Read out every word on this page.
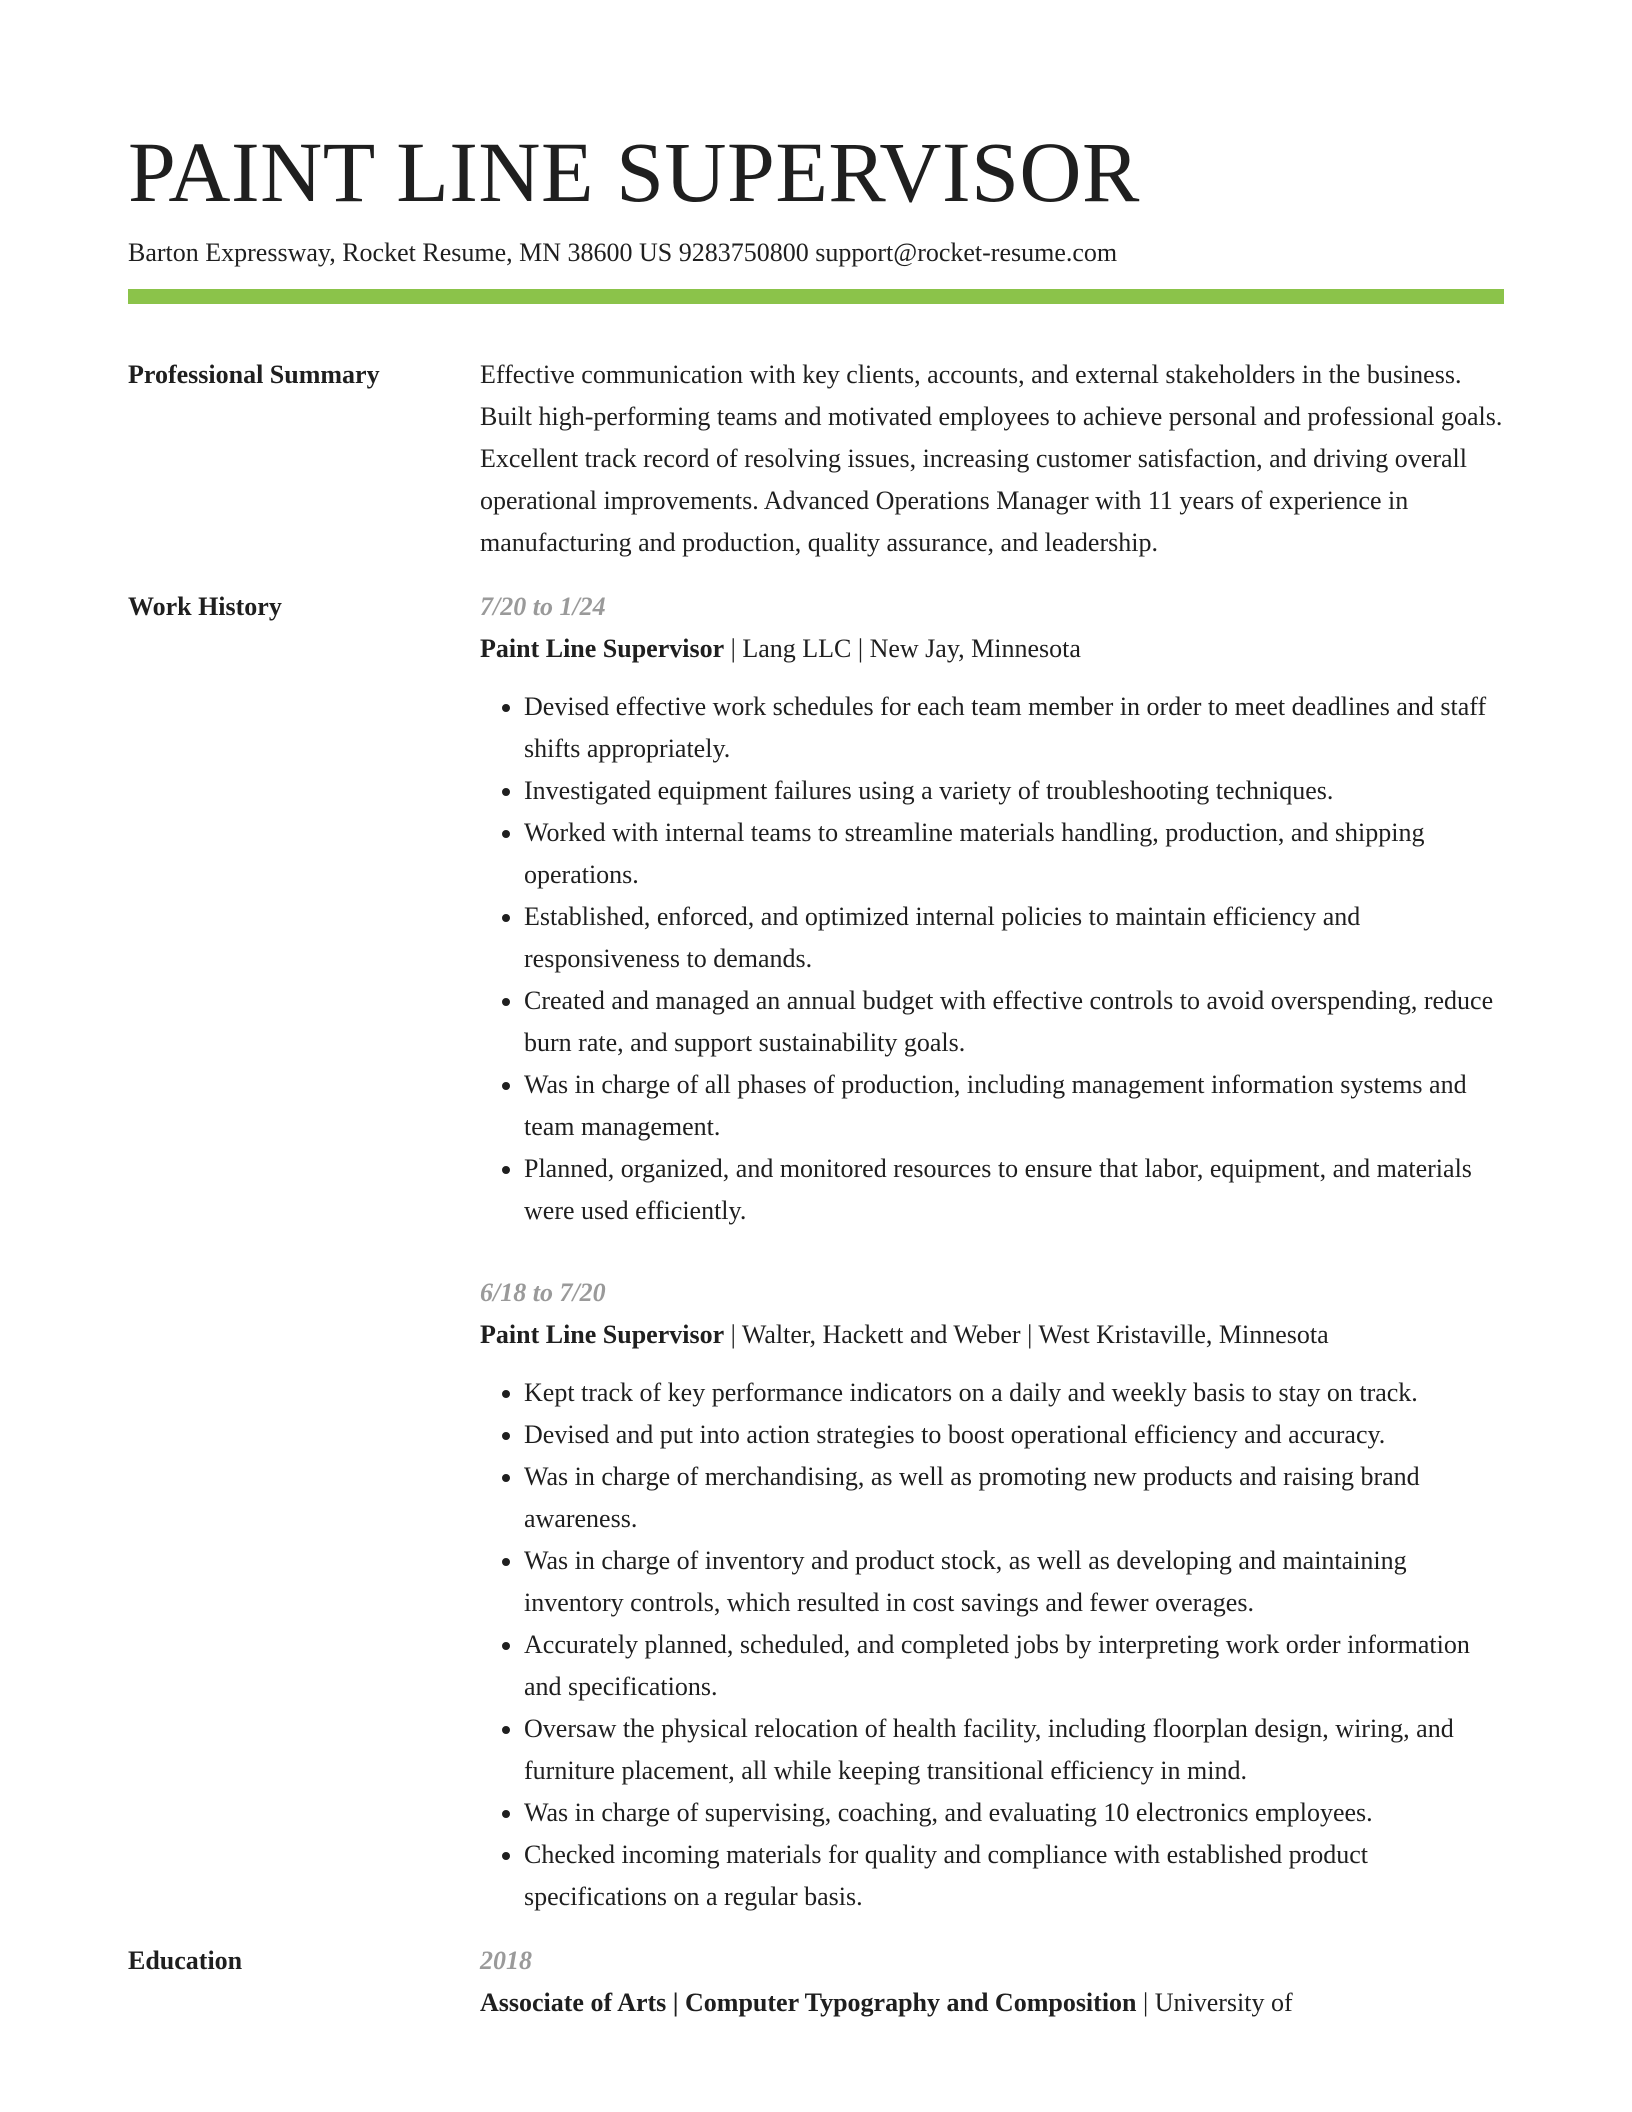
PAINT LINE SUPERVISOR
Barton Expressway, Rocket Resume, MN 38600 US 9283750800 support@rocket-resume.com
Professional Summary	Effective communication with key clients, accounts, and external stakeholders in the business. Built high-performing teams and motivated employees to achieve personal and professional goals. Excellent track record of resolving issues, increasing customer satisfaction, and driving overall operational improvements. Advanced Operations Manager with 11 years of experience in manufacturing and production, quality assurance, and leadership.
Work History	7/20 to 1/24
Paint Line Supervisor | Lang LLC | New Jay, Minnesota
• Devised effective work schedules for each team member in order to meet deadlines and staff shifts appropriately.
• Investigated equipment failures using a variety of troubleshooting techniques.
• Worked with internal teams to streamline materials handling, production, and shipping operations.
• Established, enforced, and optimized internal policies to maintain efficiency and responsiveness to demands.
• Created and managed an annual budget with effective controls to avoid overspending, reduce burn rate, and support sustainability goals.
• Was in charge of all phases of production, including management information systems and team management.
• Planned, organized, and monitored resources to ensure that labor, equipment, and materials were used efficiently.
6/18 to 7/20
Paint Line Supervisor | Walter, Hackett and Weber | West Kristaville, Minnesota
• Kept track of key performance indicators on a daily and weekly basis to stay on track.
• Devised and put into action strategies to boost operational efficiency and accuracy.
• Was in charge of merchandising, as well as promoting new products and raising brand awareness.
• Was in charge of inventory and product stock, as well as developing and maintaining inventory controls, which resulted in cost savings and fewer overages.
• Accurately planned, scheduled, and completed jobs by interpreting work order information and specifications.
• Oversaw the physical relocation of health facility, including floorplan design, wiring, and furniture placement, all while keeping transitional efficiency in mind.
• Was in charge of supervising, coaching, and evaluating 10 electronics employees.
• Checked incoming materials for quality and compliance with established product specifications on a regular basis.
Education	2018
Associate of Arts | Computer Typography and Composition | University of
